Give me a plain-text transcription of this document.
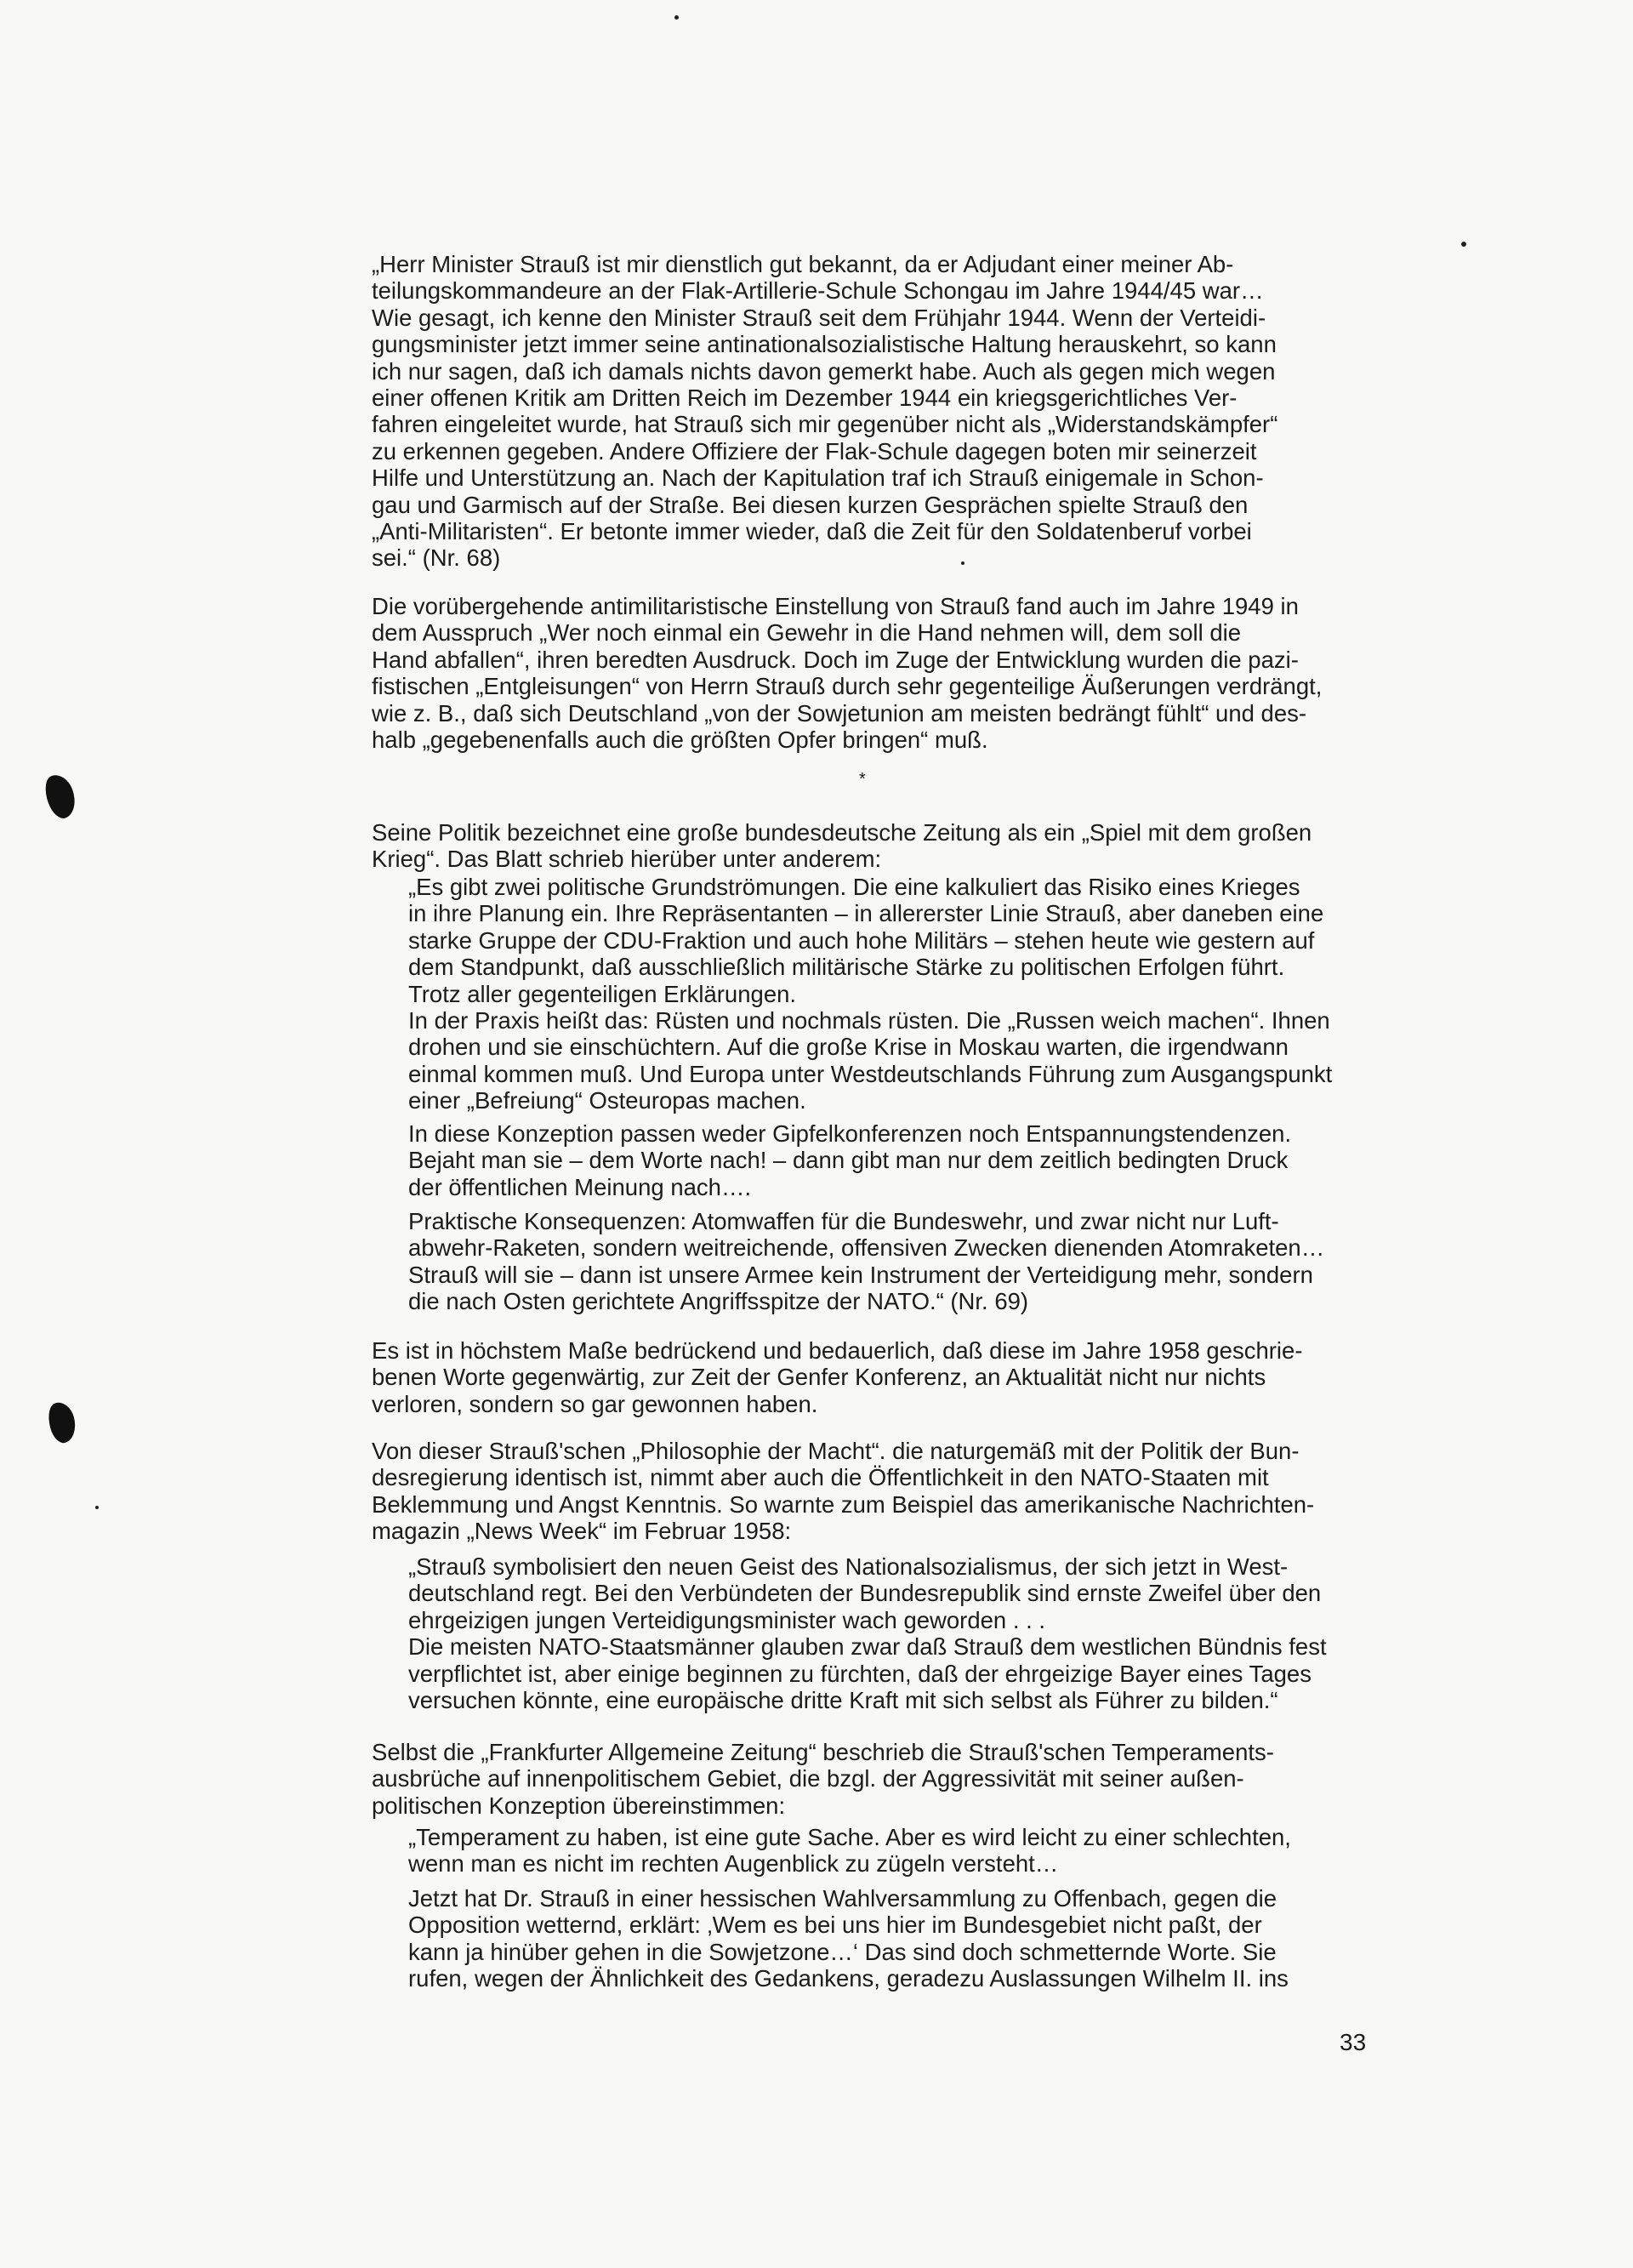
„Herr Minister Strauß ist mir dienstlich gut bekannt, da er Adjudant einer meiner Ab-
teilungskommandeure an der Flak-Artillerie-Schule Schongau im Jahre 1944/45 war…
Wie gesagt, ich kenne den Minister Strauß seit dem Frühjahr 1944. Wenn der Verteidi-
gungsminister jetzt immer seine antinationalsozialistische Haltung herauskehrt, so kann
ich nur sagen, daß ich damals nichts davon gemerkt habe. Auch als gegen mich wegen
einer offenen Kritik am Dritten Reich im Dezember 1944 ein kriegsgerichtliches Ver-
fahren eingeleitet wurde, hat Strauß sich mir gegenüber nicht als „Widerstandskämpfer“
zu erkennen gegeben. Andere Offiziere der Flak-Schule dagegen boten mir seinerzeit
Hilfe und Unterstützung an. Nach der Kapitulation traf ich Strauß einigemale in Schon-
gau und Garmisch auf der Straße. Bei diesen kurzen Gesprächen spielte Strauß den
„Anti-Militaristen“. Er betonte immer wieder, daß die Zeit für den Soldatenberuf vorbei
sei.“ (Nr. 68)

Die vorübergehende antimilitaristische Einstellung von Strauß fand auch im Jahre 1949 in
dem Ausspruch „Wer noch einmal ein Gewehr in die Hand nehmen will, dem soll die
Hand abfallen“, ihren beredten Ausdruck. Doch im Zuge der Entwicklung wurden die pazi-
fistischen „Entgleisungen“ von Herrn Strauß durch sehr gegenteilige Äußerungen verdrängt,
wie z. B., daß sich Deutschland „von der Sowjetunion am meisten bedrängt fühlt“ und des-
halb „gegebenenfalls auch die größten Opfer bringen“ muß.

*

Seine Politik bezeichnet eine große bundesdeutsche Zeitung als ein „Spiel mit dem großen
Krieg“. Das Blatt schrieb hierüber unter anderem:

„Es gibt zwei politische Grundströmungen. Die eine kalkuliert das Risiko eines Krieges
in ihre Planung ein. Ihre Repräsentanten – in allererster Linie Strauß, aber daneben eine
starke Gruppe der CDU-Fraktion und auch hohe Militärs – stehen heute wie gestern auf
dem Standpunkt, daß ausschließlich militärische Stärke zu politischen Erfolgen führt.
Trotz aller gegenteiligen Erklärungen.
In der Praxis heißt das: Rüsten und nochmals rüsten. Die „Russen weich machen“. Ihnen
drohen und sie einschüchtern. Auf die große Krise in Moskau warten, die irgendwann
einmal kommen muß. Und Europa unter Westdeutschlands Führung zum Ausgangspunkt
einer „Befreiung“ Osteuropas machen.

In diese Konzeption passen weder Gipfelkonferenzen noch Entspannungstendenzen.
Bejaht man sie – dem Worte nach! – dann gibt man nur dem zeitlich bedingten Druck
der öffentlichen Meinung nach….

Praktische Konsequenzen: Atomwaffen für die Bundeswehr, und zwar nicht nur Luft-
abwehr-Raketen, sondern weitreichende, offensiven Zwecken dienenden Atomraketen…
Strauß will sie – dann ist unsere Armee kein Instrument der Verteidigung mehr, sondern
die nach Osten gerichtete Angriffsspitze der NATO.“ (Nr. 69)

Es ist in höchstem Maße bedrückend und bedauerlich, daß diese im Jahre 1958 geschrie-
benen Worte gegenwärtig, zur Zeit der Genfer Konferenz, an Aktualität nicht nur nichts
verloren, sondern so gar gewonnen haben.

Von dieser Strauß'schen „Philosophie der Macht“. die naturgemäß mit der Politik der Bun-
desregierung identisch ist, nimmt aber auch die Öffentlichkeit in den NATO-Staaten mit
Beklemmung und Angst Kenntnis. So warnte zum Beispiel das amerikanische Nachrichten-
magazin „News Week“ im Februar 1958:

„Strauß symbolisiert den neuen Geist des Nationalsozialismus, der sich jetzt in West-
deutschland regt. Bei den Verbündeten der Bundesrepublik sind ernste Zweifel über den
ehrgeizigen jungen Verteidigungsminister wach geworden . . .
Die meisten NATO-Staatsmänner glauben zwar daß Strauß dem westlichen Bündnis fest
verpflichtet ist, aber einige beginnen zu fürchten, daß der ehrgeizige Bayer eines Tages
versuchen könnte, eine europäische dritte Kraft mit sich selbst als Führer zu bilden.“

Selbst die „Frankfurter Allgemeine Zeitung“ beschrieb die Strauß'schen Temperaments-
ausbrüche auf innenpolitischem Gebiet, die bzgl. der Aggressivität mit seiner außen-
politischen Konzeption übereinstimmen:

„Temperament zu haben, ist eine gute Sache. Aber es wird leicht zu einer schlechten,
wenn man es nicht im rechten Augenblick zu zügeln versteht…

Jetzt hat Dr. Strauß in einer hessischen Wahlversammlung zu Offenbach, gegen die
Opposition wetternd, erklärt: ‚Wem es bei uns hier im Bundesgebiet nicht paßt, der
kann ja hinüber gehen in die Sowjetzone…‘ Das sind doch schmetternde Worte. Sie
rufen, wegen der Ähnlichkeit des Gedankens, geradezu Auslassungen Wilhelm II. ins

33
